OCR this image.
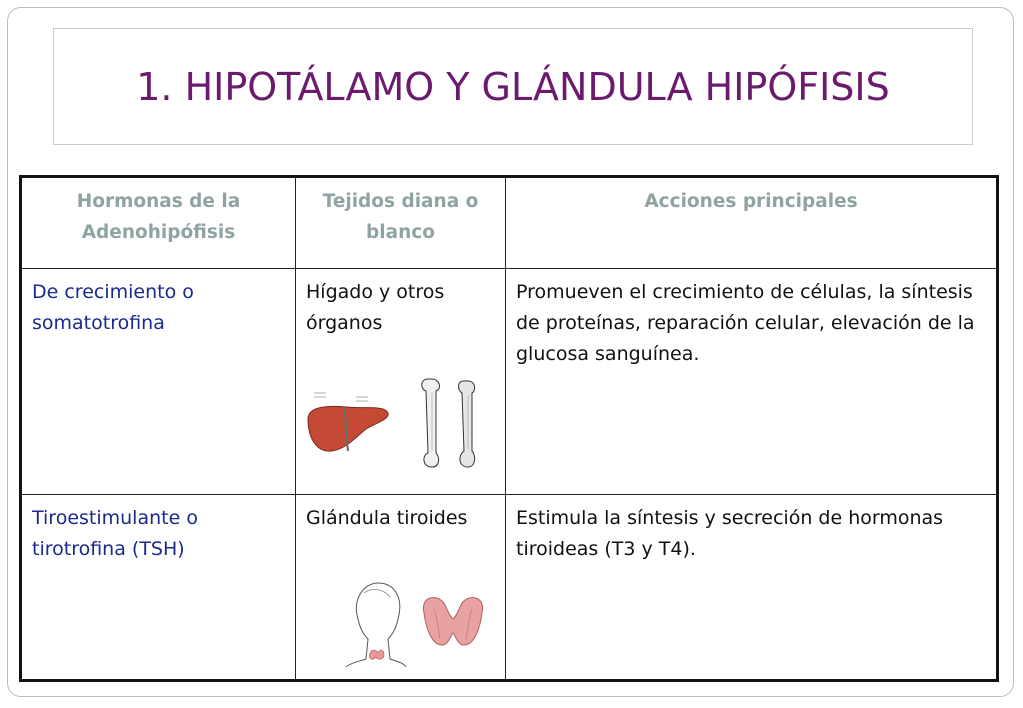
1. HIPOTÁLAMO Y GLÁNDULA HIPÓFISIS
Hormonas de la Adenohipófisis	Tejidos diana o blanco	Acciones principales
De crecimiento o somatotrofina	Hígado y otros órganos	Promueven el crecimiento de células, la síntesis de proteínas, reparación celular, elevación de la glucosa sanguínea.
Tiroestimulante o tirotrofina (TSH)	Glándula tiroides	Estimula la síntesis y secreción de hormonas tiroideas (T3 y T4).
